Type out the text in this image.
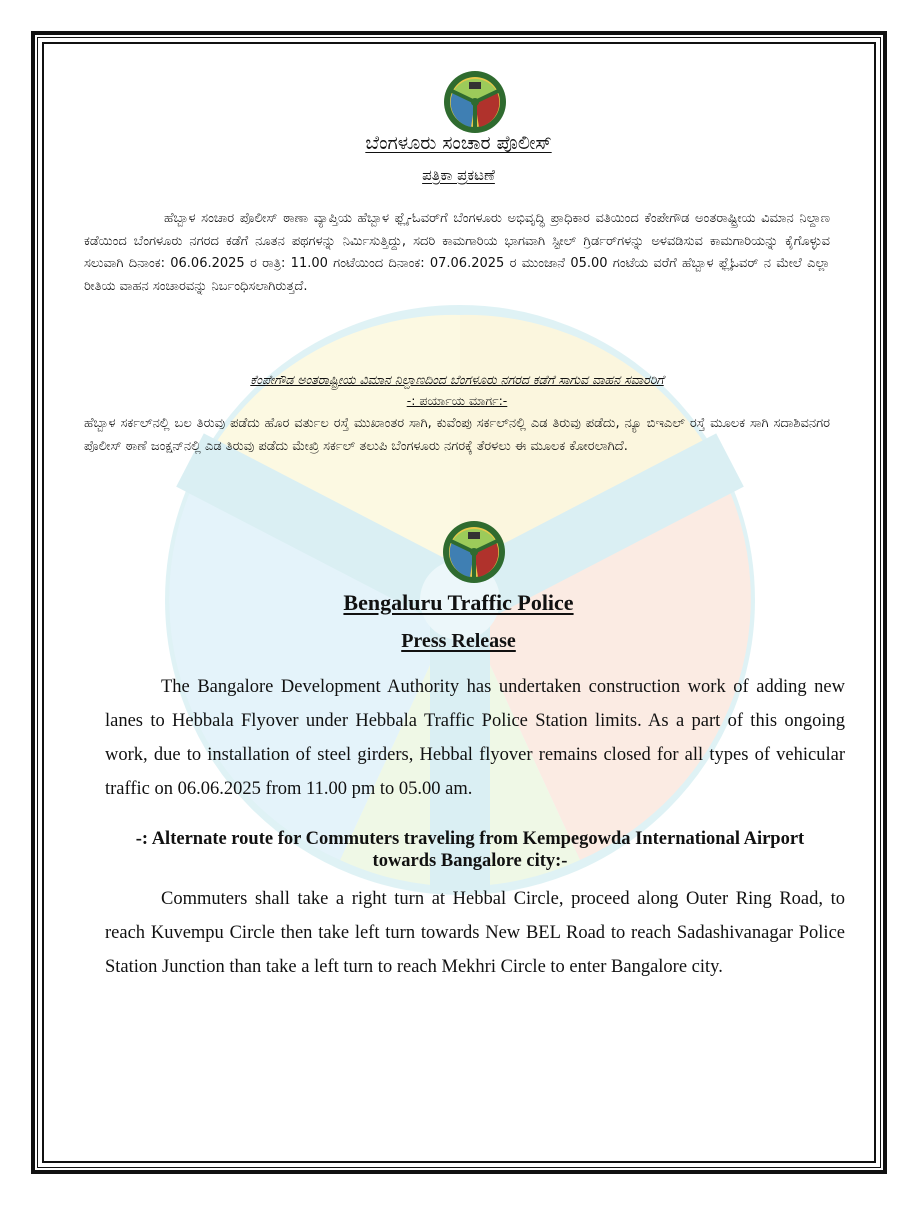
ಬೆಂಗಳೂರು ಸಂಚಾರ ಪೊಲೀಸ್
ಪತ್ರಿಕಾ ಪ್ರಕಟಣೆ
ಹೆಬ್ಬಾಳ ಸಂಚಾರ ಪೊಲೀಸ್ ಠಾಣಾ ವ್ಯಾಪ್ತಿಯ ಹೆಬ್ಬಾಳ ಫ್ಲೈ-ಓವರ್‌ಗೆ ಬೆಂಗಳೂರು ಅಭಿವೃದ್ಧಿ ಪ್ರಾಧಿಕಾರ ವತಿಯಿಂದ ಕೆಂಪೇಗೌಡ ಅಂತರಾಷ್ಟ್ರೀಯ ವಿಮಾನ ನಿಲ್ದಾಣ ಕಡೆಯಿಂದ ಬೆಂಗಳೂರು ನಗರದ ಕಡೆಗೆ ನೂತನ ಪಥಗಳನ್ನು ನಿರ್ಮಿಸುತ್ತಿದ್ದು, ಸದರಿ ಕಾಮಗಾರಿಯ ಭಾಗವಾಗಿ ಸ್ಟೀಲ್ ಗ್ರಿರ್ಡರ್‌ಗಳನ್ನು ಅಳವಡಿಸುವ ಕಾಮಗಾರಿಯನ್ನು ಕೈಗೊಳ್ಳುವ ಸಲುವಾಗಿ ದಿನಾಂಕ: 06.06.2025 ರ ರಾತ್ರಿ: 11.00 ಗಂಟೆಯಿಂದ ದಿನಾಂಕ: 07.06.2025 ರ ಮುಂಜಾನೆ 05.00 ಗಂಟೆಯ ವರೆಗೆ ಹೆಬ್ಬಾಳ ಫ್ಲೈಓವರ್ ನ ಮೇಲೆ ಎಲ್ಲಾ ರೀತಿಯ ವಾಹನ ಸಂಚಾರವನ್ನು ನಿರ್ಬಂಧಿಸಲಾಗಿರುತ್ತದೆ.
ಕೆಂಪೇಗೌಡ ಅಂತರಾಷ್ಟ್ರೀಯ ವಿಮಾನ ನಿಲ್ದಾಣದಿಂದ ಬೆಂಗಳೂರು ನಗರದ ಕಡೆಗೆ ಸಾಗುವ ವಾಹನ ಸವಾರರಿಗೆ
-: ಪರ್ಯಾಯ ಮಾರ್ಗ:-
ಹೆಬ್ಬಾಳ ಸರ್ಕಲ್‌ನಲ್ಲಿ ಬಲ ತಿರುವು ಪಡೆದು ಹೊರ ವರ್ತುಲ ರಸ್ತೆ ಮುಖಾಂತರ ಸಾಗಿ, ಕುವೆಂಪು ಸರ್ಕಲ್‌ನಲ್ಲಿ ಎಡ ತಿರುವು ಪಡೆದು, ನ್ಯೂ ಬಿಇಎಲ್ ರಸ್ತೆ ಮೂಲಕ ಸಾಗಿ ಸದಾಶಿವನಗರ ಪೊಲೀಸ್ ಠಾಣೆ ಜಂಕ್ಷನ್‌ನಲ್ಲಿ ಎಡ ತಿರುವು ಪಡೆದು ಮೇಖ್ರಿ ಸರ್ಕಲ್ ತಲುಪಿ ಬೆಂಗಳೂರು ನಗರಕ್ಕೆ ತೆರಳಲು ಈ ಮೂಲಕ ಕೋರಲಾಗಿದೆ.
Bengaluru Traffic Police
Press Release
The Bangalore Development Authority has undertaken construction work of adding new lanes to Hebbala Flyover under Hebbala Traffic Police Station limits. As a part of this ongoing work, due to installation of steel girders, Hebbal flyover remains closed for all types of vehicular traffic on 06.06.2025 from 11.00 pm to 05.00 am.
-: Alternate route for Commuters traveling from Kempegowda International Airport
towards Bangalore city:-
Commuters shall take a right turn at Hebbal Circle, proceed along Outer Ring Road, to reach Kuvempu Circle then take left turn towards New BEL Road to reach Sadashivanagar Police Station Junction than take a left turn to reach Mekhri Circle to enter Bangalore city.
